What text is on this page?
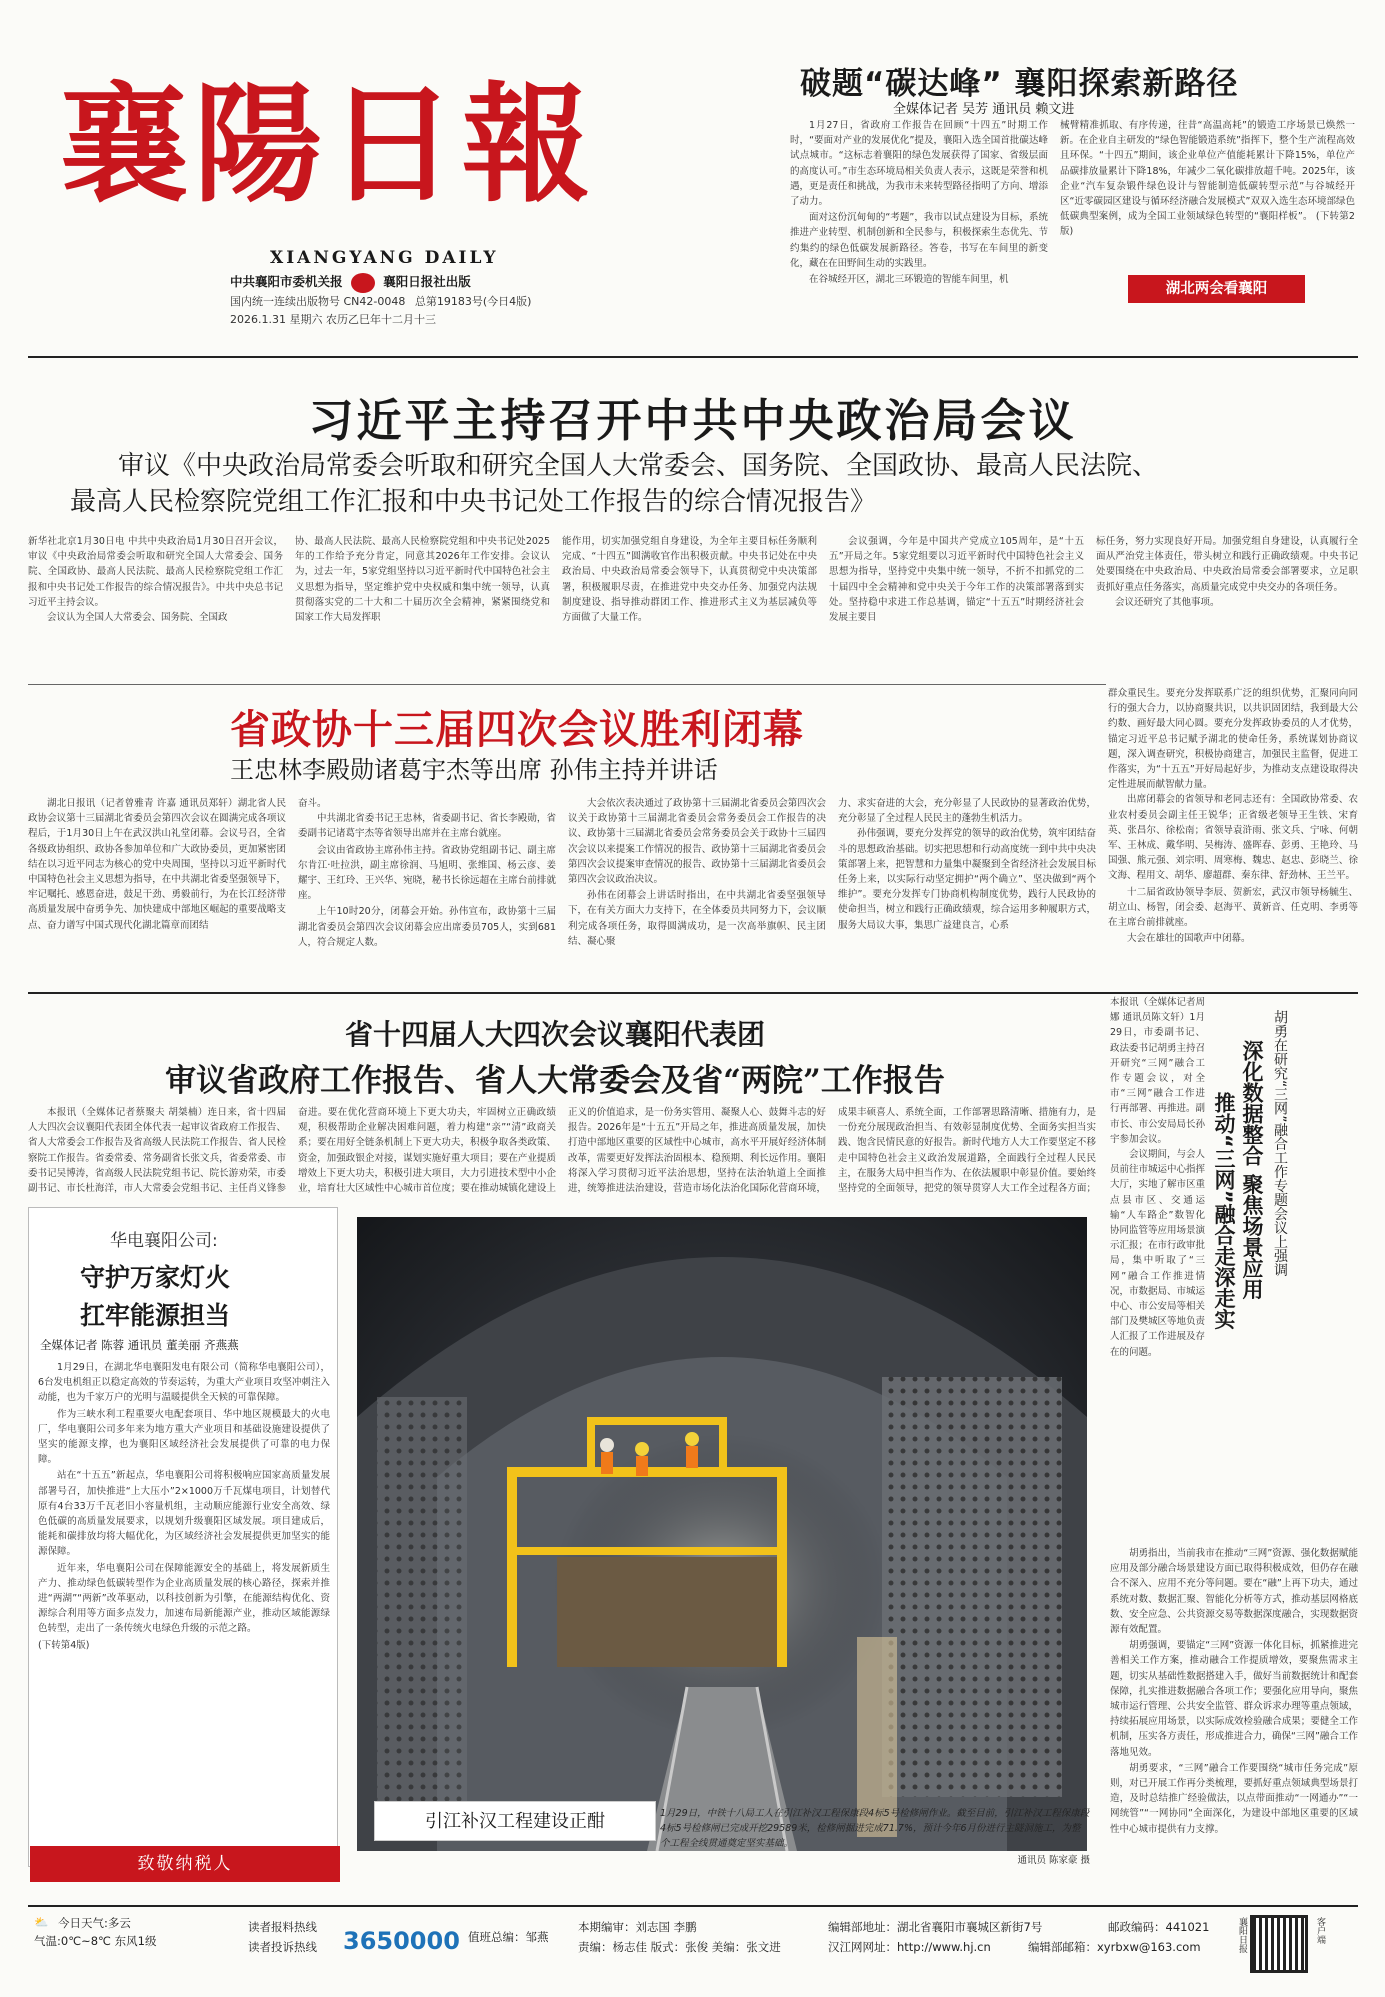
襄陽日報
XIANGYANG DAILY
中共襄阳市委机关报	襄阳日报社出版
国内统一连续出版物号 CN42-0048 总第19183号(今日4版)
2026.1.31 星期六 农历乙巳年十二月十三
破题“碳达峰” 襄阳探索新路径
全媒体记者 吴芳 通讯员 赖文进

1月27日，省政府工作报告在回顾“十四五”时期工作时，“要面对产业的发展优化”提及，襄阳入选全国首批碳达峰试点城市。“这标志着襄阳的绿色发展获得了国家、省级层面的高度认可。”市生态环境局相关负责人表示，这既是荣誉和机遇，更是责任和挑战，为我市未来转型路径指明了方向、增添了动力。

面对这份沉甸甸的“考题”，我市以试点建设为目标，系统推进产业转型、机制创新和全民参与，积极探索生态优先、节约集约的绿色低碳发展新路径。答卷，书写在车间里的新变化，藏在在田野间生动的实践里。

在谷城经开区，湖北三环锻造的智能车间里，机

械臂精准抓取、有序传递，往昔“高温高耗”的锻造工序场景已焕然一新。在企业自主研发的“绿色智能锻造系统”指挥下，整个生产流程高效且环保。“十四五”期间，该企业单位产值能耗累计下降15%，单位产品碳排放量累计下降18%，年减少二氧化碳排放超千吨。2025年，该企业“汽车复杂锻件绿色设计与智能制造低碳转型示范”与谷城经开区“近零碳园区建设与循环经济融合发展模式”双双入选生态环境部绿色低碳典型案例，成为全国工业领域绿色转型的“襄阳样板”。 (下转第2版)
湖北两会看襄阳
习近平主持召开中共中央政治局会议
审议《中央政治局常委会听取和研究全国人大常委会、国务院、全国政协、最高人民法院、
最高人民检察院党组工作汇报和中央书记处工作报告的综合情况报告》
新华社北京1月30日电 中共中央政治局1月30日召开会议，审议《中央政治局常委会听取和研究全国人大常委会、国务院、全国政协、最高人民法院、最高人民检察院党组工作汇报和中央书记处工作报告的综合情况报告》。中共中央总书记习近平主持会议。

会议认为全国人大常委会、国务院、全国政

协、最高人民法院、最高人民检察院党组和中央书记处2025年的工作给予充分肯定，同意其2026年工作安排。会议认为，过去一年，5家党组坚持以习近平新时代中国特色社会主义思想为指导，坚定维护党中央权威和集中统一领导，认真贯彻落实党的二十大和二十届历次全会精神，紧紧围绕党和国家工作大局发挥职
能作用，切实加强党组自身建设，为全年主要目标任务顺利完成、“十四五”圆满收官作出积极贡献。中央书记处在中央政治局、中央政治局常委会领导下，认真贯彻党中央决策部署，积极履职尽责，在推进党中央交办任务、加强党内法规制度建设、指导推动群团工作、推进形式主义为基层减负等方面做了大量工作。

会议强调，今年是中国共产党成立105周年，是“十五五”开局之年。5家党组要以习近平新时代中国特色社会主义思想为指导，坚持党中央集中统一领导，不折不扣抓党的二十届四中全会精神和党中央关于今年工作的决策部署落到实处。坚持稳中求进工作总基调，锚定“十五五”时期经济社会发展主要目

标任务，努力实现良好开局。加强党组自身建设，认真履行全面从严治党主体责任，带头树立和践行正确政绩观。中央书记处要围绕在中央政治局、中央政治局常委会部署要求，立足职责抓好重点任务落实，高质量完成党中央交办的各项任务。

会议还研究了其他事项。

省政协十三届四次会议胜利闭幕
王忠林李殿勋诸葛宇杰等出席 孙伟主持并讲话

湖北日报讯（记者曾雅青 许嘉 通讯员郑轩）湖北省人民政协会议第十三届湖北省委员会第四次会议在圆满完成各项议程后，于1月30日上午在武汉洪山礼堂闭幕。会议号召，全省各级政协组织、政协各参加单位和广大政协委员，更加紧密团结在以习近平同志为核心的党中央周围，坚持以习近平新时代中国特色社会主义思想为指导，在中共湖北省委坚强领导下，牢记嘱托、感恩奋进，鼓足干劲、勇毅前行，为在长江经济带高质量发展中奋勇争先、加快建成中部地区崛起的重要战略支点、奋力谱写中国式现代化湖北篇章而团结

奋斗。

中共湖北省委书记王忠林，省委副书记、省长李殿勋，省委副书记诸葛宇杰等省领导出席并在主席台就座。

会议由省政协主席孙伟主持。省政协党组副书记、副主席尔肯江·吐拉洪，副主席徐润、马旭明、张维国、杨云彦、姜耀宇、王红玲、王兴华、宛晓，秘书长徐远超在主席台前排就座。

上午10时20分，闭幕会开始。孙伟宣布，政协第十三届湖北省委员会第四次会议闭幕会应出席委员705人，实到681人，符合规定人数。

大会依次表决通过了政协第十三届湖北省委员会第四次会议关于政协第十三届湖北省委员会常务委员会工作报告的决议、政协第十三届湖北省委员会常务委员会关于政协十三届四次会议以来提案工作情况的报告、政协第十三届湖北省委员会第四次会议提案审查情况的报告、政协第十三届湖北省委员会第四次会议政治决议。

孙伟在闭幕会上讲话时指出，在中共湖北省委坚强领导下，在有关方面大力支持下，在全体委员共同努力下，会议顺利完成各项任务，取得圆满成功，是一次高举旗帜、民主团结、凝心聚

力、求实奋进的大会，充分彰显了人民政协的显著政治优势，充分彰显了全过程人民民主的蓬勃生机活力。

孙伟强调，要充分发挥党的领导的政治优势，筑牢团结奋斗的思想政治基础。切实把思想和行动高度统一到中共中央决策部署上来，把智慧和力量集中凝聚到全省经济社会发展目标任务上来，以实际行动坚定拥护“两个确立”、坚决做到“两个维护”。要充分发挥专门协商机构制度优势，践行人民政协的使命担当，树立和践行正确政绩观，综合运用多种履职方式，服务大局议大事，集思广益建良言，心系

群众重民生。要充分发挥联系广泛的组织优势，汇聚同向同行的强大合力，以协商聚共识，以共识固团结，我到最大公约数、画好最大同心圆。要充分发挥政协委员的人才优势，锚定习近平总书记赋予湖北的使命任务，系统谋划协商议题，深入调查研究，积极协商建言，加强民主监督，促进工作落实，为“十五五”开好局起好步，为推动支点建设取得决定性进展而献智献力量。

出席闭幕会的省领导和老同志还有：全国政协常委、农业农村委员会副主任王锐华；正省级老领导王生铁、宋育英、张昌尔、徐松南；省领导袁浒雨、张文兵、宁咏、何朝军、王林成、戴华明、吴梅涛、盛晖春、彭勇、王艳玲、马国强、熊元强、刘宗明、周寒梅、魏忠、赵忠、彭晓兰、徐文海、程用文、胡华、廖超群、秦东律、舒劲林、王兰平。

十二届省政协领导李辰、贺新宏，武汉市领导杨毓生、胡立山、杨智，闭会委、赵海平、黄新音、任克明、李勇等在主席台前排就座。

大会在雄壮的国歌声中闭幕。

省十四届人大四次会议襄阳代表团
审议省政府工作报告、省人大常委会及省“两院”工作报告

本报讯（全媒体记者蔡聚夫 胡桀楠）连日来，省十四届人大四次会议襄阳代表团全体代表一起审议省政府工作报告、省人大常委会工作报告及省高级人民法院工作报告、省人民检察院工作报告。省委常委、常务副省长张文兵，省委常委、市委书记吴博涛，省高级人民法院党组书记、院长游劝荣，市委副书记、市长杜海洋，市人大常委会党组书记、主任肖义锋参

奋进。要在优化营商环境上下更大功夫，牢固树立正确政绩观，积极帮助企业解决困难问题，着力构建“亲”“清”政商关系；要在用好全链条机制上下更大功夫，积极争取各类政策、资金，加强政银企对接，谋划实施好重大项目；要在产业提质增效上下更大功夫，积极引进大项目，大力引进技术型中小企业，培育壮大区域性中心城市首位度；要在推动城镇化建设上

正义的价值追求，是一份务实管用、凝聚人心、鼓舞斗志的好报告。2026年是“十五五”开局之年，推进高质量发展，加快打造中部地区重要的区域性中心城市，高水平开展好经济体制改革，需要更好发挥法治固根本、稳预期、利长远作用。襄阳将深入学习贯彻习近平法治思想，坚持在法治轨道上全面推进，统筹推进法治建设，营造市场化法治化国际化营商环境，

成果丰硕喜人、系统全面，工作部署思路清晰、措施有力，是一份充分展现政治担当、有效彰显制度优势、全面务实担当实践、饱含民情民意的好报告。新时代地方人大工作要坚定不移走中国特色社会主义政治发展道路，全面践行全过程人民民主，在服务大局中担当作为、在依法履职中彰显价值。要始终坚持党的全面领导，把党的领导贯穿人大工作全过程各方面；
华电襄阳公司:
守护万家灯火
扛牢能源担当
全媒体记者 陈蓉 通讯员 董美丽 齐燕燕

1月29日，在湖北华电襄阳发电有限公司（简称华电襄阳公司），6台发电机组正以稳定高效的节奏运转，为重大产业项目攻坚冲刺注入动能，也为千家万户的光明与温暖提供全天候的可靠保障。

作为三峡水利工程重要火电配套项目、华中地区规模最大的火电厂，华电襄阳公司多年来为地方重大产业项目和基础设施建设提供了坚实的能源支撑，也为襄阳区域经济社会发展提供了可靠的电力保障。

站在“十五五”新起点，华电襄阳公司将积极响应国家高质量发展部署号召，加快推进“上大压小”2×1000万千瓦煤电项目，计划替代原有4台33万千瓦老旧小容量机组，主动顺应能源行业安全高效、绿色低碳的高质量发展要求，以规划升级襄阳区域发展。项目建成后，能耗和碳排放均将大幅优化，为区域经济社会发展提供更加坚实的能源保障。

近年来，华电襄阳公司在保障能源安全的基础上，将发展新质生产力、推动绿色低碳转型作为企业高质量发展的核心路径，探索并推进“两湖”“两新”改革驱动，以科技创新为引擎，在能源结构优化、资源综合利用等方面多点发力，加速布局新能源产业，推动区域能源绿色转型，走出了一条传统火电绿色升级的示范之路。

(下转第4版)
致敬纳税人
引江补汉工程建设正酣	1月29日，中铁十八局工人在引江补汉工程保康段4标5号检修闸作业。截至目前，引江补汉工程保康段4标5号检修闸已完成开挖29589米，检修闸掘进完成71.7%，预计今年6月份进行主隧洞施工，为整个工程全线贯通奠定坚实基础。
通讯员 陈家豪 摄
胡勇在研究“三网”融合工作专题会议上强调
深化数据整合 聚焦场景应用
推动“三网”融合走深走实
本报讯（全媒体记者周娜 通讯员陈文轩）1月29日，市委副书记、政法委书记胡勇主持召开研究“三网”融合工作专题会议，对全市“三网”融合工作进行再部署、再推进。副市长、市公安局局长孙宇参加会议。

会议期间，与会人员前往市城运中心指挥大厅，实地了解市区重点县市区、交通运输“人车路企”数智化协同监管等应用场景演示汇报；在市行政审批局，集中听取了“三网”融合工作推进情况，市数据局、市城运中心、市公安局等相关部门及樊城区等地负责人汇报了工作进展及存在的问题。

胡勇指出，当前我市在推动“三网”资源、强化数据赋能应用及部分融合场景建设方面已取得积极成效，但仍存在融合不深入、应用不充分等问题。要在“融”上再下功夫，通过系统对数、数据汇聚、智能化分析等方式，推动基层网格底数、安全应急、公共资源交易等数据深度融合，实现数据资源有效配置。

胡勇强调，要锚定“三网”资源一体化目标，抓紧推进完善相关工作方案，推动融合工作提质增效，要聚焦需求主题，切实从基础性数据搭建入手，做好当前数据统计和配套保障，扎实推进数据融合各项工作；要强化应用导向，聚焦城市运行管理、公共安全监管、群众诉求办理等重点领域，持续拓展应用场景，以实际成效检验融合成果；要健全工作机制，压实各方责任，形成推进合力，确保“三网”融合工作落地见效。

胡勇要求，“三网”融合工作要围绕“城市任务完成”原则，对已开展工作再分类梳理，要抓好重点领域典型场景打造，及时总结推广经验做法，以点带面推动“一网通办”“一网统管”“一网协同”全面深化，为建设中部地区重要的区域性中心城市提供有力支撑。

⛅ 今日天气:多云
气温:0℃~8℃ 东风1级
读者报料热线
读者投诉热线 3650000 值班总编：邹燕
本期编审：刘志国 李鹏
责编：杨志佳 版式：张俊 美编：张文进
编辑部地址：湖北省襄阳市襄城区新街7号	邮政编码：441021
汉江网网址：http://www.hj.cn	编辑部邮箱：xyrbxw@163.com	襄阳日报	客户端
